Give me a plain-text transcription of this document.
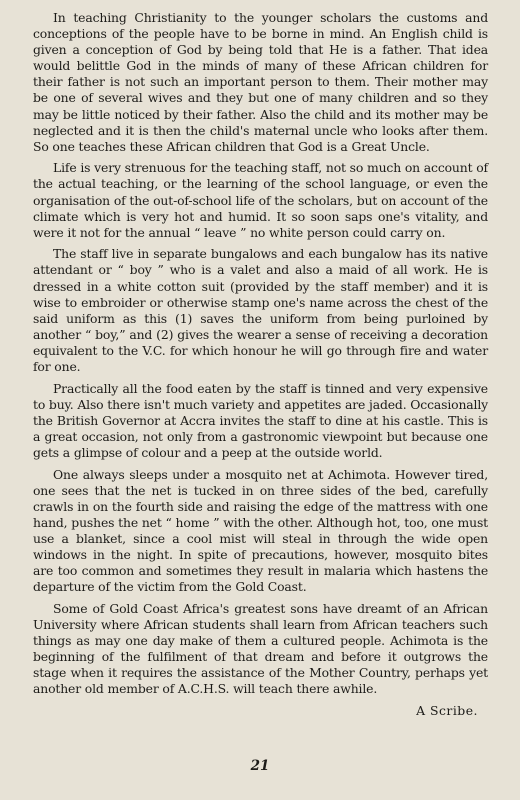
In teaching Christianity to the younger scholars the customs and conceptions of the people have to be borne in mind. An English child is given a conception of God by being told that He is a father. That idea would belittle God in the minds of many of these African children for their father is not such an important person to them. Their mother may be one of several wives and they but one of many children and so they may be little noticed by their father. Also the child and its mother may be neglected and it is then the child's maternal uncle who looks after them. So one teaches these African children that God is a Great Uncle.

Life is very strenuous for the teaching staff, not so much on account of the actual teaching, or the learning of the school language, or even the organisation of the out-of-school life of the scholars, but on account of the climate which is very hot and humid. It so soon saps one's vitality, and were it not for the annual “ leave ” no white person could carry on.

The staff live in separate bungalows and each bungalow has its native attendant or “ boy ” who is a valet and also a maid of all work. He is dressed in a white cotton suit (provided by the staff member) and it is wise to embroider or otherwise stamp one's name across the chest of the said uniform as this (1) saves the uniform from being purloined by another “ boy,” and (2) gives the wearer a sense of receiving a decoration equivalent to the V.C. for which honour he will go through fire and water for one.

Practically all the food eaten by the staff is tinned and very expensive to buy. Also there isn't much variety and appetites are jaded. Occasionally the British Governor at Accra invites the staff to dine at his castle. This is a great occasion, not only from a gastronomic viewpoint but because one gets a glimpse of colour and a peep at the outside world.

One always sleeps under a mosquito net at Achimota. However tired, one sees that the net is tucked in on three sides of the bed, carefully crawls in on the fourth side and raising the edge of the mattress with one hand, pushes the net “ home ” with the other. Although hot, too, one must use a blanket, since a cool mist will steal in through the wide open windows in the night. In spite of precautions, however, mosquito bites are too common and sometimes they result in malaria which hastens the departure of the victim from the Gold Coast.

Some of Gold Coast Africa's greatest sons have dreamt of an African University where African students shall learn from African teachers such things as may one day make of them a cultured people. Achimota is the beginning of the fulfilment of that dream and before it outgrows the stage when it requires the assistance of the Mother Country, perhaps yet another old member of A.C.H.S. will teach there awhile.

A Scribe.
21
